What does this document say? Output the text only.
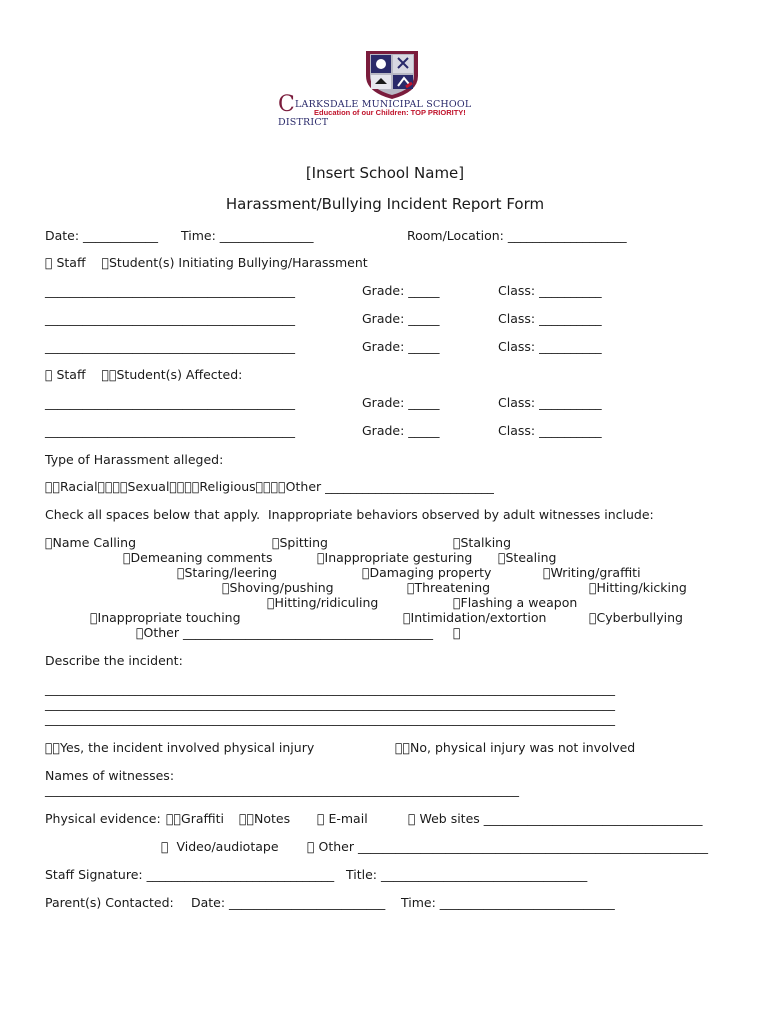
CLARKSDALE MUNICIPAL SCHOOL DISTRICT
Education of our Children: TOP PRIORITY!
[Insert School Name]
Harassment/Bullying Incident Report Form
Date: ____________ Time: _______________	Room/Location: ___________________
Staff     Student(s) Initiating Bullying/Harassment
________________________________________	Grade: _____	Class: __________
________________________________________	Grade: _____	Class: __________
________________________________________	Grade: _____	Class: __________
Staff      Student(s) Affected:
________________________________________	Grade: _____	Class: __________
________________________________________	Grade: _____	Class: __________
Type of Harassment alleged:
Racial    Sexual    Religious    Other ___________________________
Check all spaces below that apply.  Inappropriate behaviors observed by adult witnesses include:
Name Calling	Spitting	Stalking
Demeaning comments	Inappropriate gesturing Stealing
Staring/leering	Damaging property	Writing/graffiti
Shoving/pushing	Threatening	Hitting/kicking
Hitting/ridiculing	Flashing a weapon
Inappropriate touching	Intimidation/extortion	Cyberbullying
Other ________________________________________
Describe the incident:
_______________________________________________________________________________________________
_______________________________________________________________________________________________
_______________________________________________________________________________________________
Yes, the incident involved physical injury	No, physical injury was not involved
Names of witnesses:
_______________________________________________________________________________
Physical evidence: Graffiti Notes	E-mail	Web sites ___________________________________
Video/audiotape	Other ________________________________________________________
Staff Signature: ______________________________ Title: _________________________________
Parent(s) Contacted: Date: _________________________ Time: ____________________________
